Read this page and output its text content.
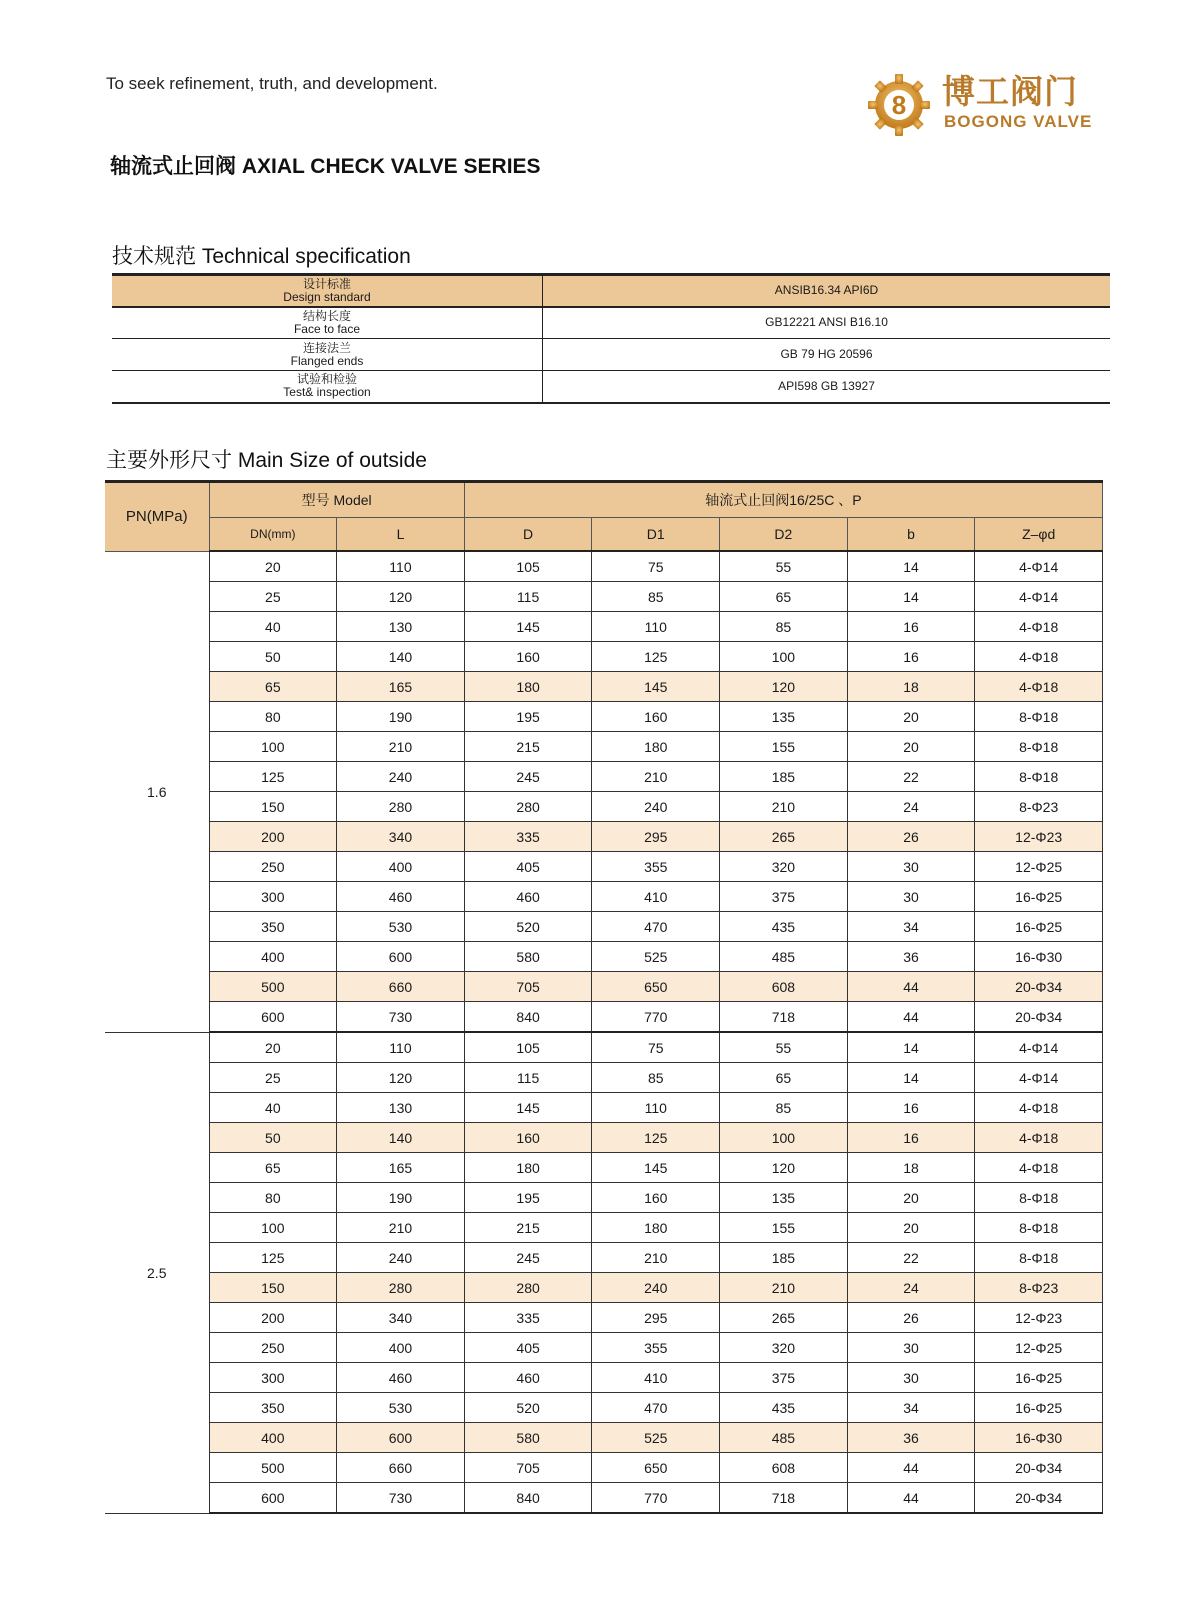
To seek refinement, truth, and development.
8 博工阀门
BOGONG VALVE
轴流式止回阀 AXIAL CHECK VALVE SERIES
技术规范 Technical specification
设计标准
Design standard	ANSIB16.34 API6D

结构长度
Face to face	GB12221 ANSI B16.10

连接法兰
Flanged ends	GB 79 HG 20596

试验和检验
Test& inspection	API598 GB 13927
主要外形尺寸 Main Size of outside
PN(MPa)	型号 Model		轴流式止回阀16/25C 、P				
	DN(mm)	L	D	D1	D2	b	Z–φd
1.6	20	110	105	75	55	14	4-Φ14
	25	120	115	85	65	14	4-Φ14
	40	130	145	110	85	16	4-Φ18
	50	140	160	125	100	16	4-Φ18
	65	165	180	145	120	18	4-Φ18
	80	190	195	160	135	20	8-Φ18
	100	210	215	180	155	20	8-Φ18
	125	240	245	210	185	22	8-Φ18
	150	280	280	240	210	24	8-Φ23
	200	340	335	295	265	26	12-Φ23
	250	400	405	355	320	30	12-Φ25
	300	460	460	410	375	30	16-Φ25
	350	530	520	470	435	34	16-Φ25
	400	600	580	525	485	36	16-Φ30
	500	660	705	650	608	44	20-Φ34
	600	730	840	770	718	44	20-Φ34
2.5	20	110	105	75	55	14	4-Φ14
	25	120	115	85	65	14	4-Φ14
	40	130	145	110	85	16	4-Φ18
	50	140	160	125	100	16	4-Φ18
	65	165	180	145	120	18	4-Φ18
	80	190	195	160	135	20	8-Φ18
	100	210	215	180	155	20	8-Φ18
	125	240	245	210	185	22	8-Φ18
	150	280	280	240	210	24	8-Φ23
	200	340	335	295	265	26	12-Φ23
	250	400	405	355	320	30	12-Φ25
	300	460	460	410	375	30	16-Φ25
	350	530	520	470	435	34	16-Φ25
	400	600	580	525	485	36	16-Φ30
	500	660	705	650	608	44	20-Φ34
	600	730	840	770	718	44	20-Φ34
